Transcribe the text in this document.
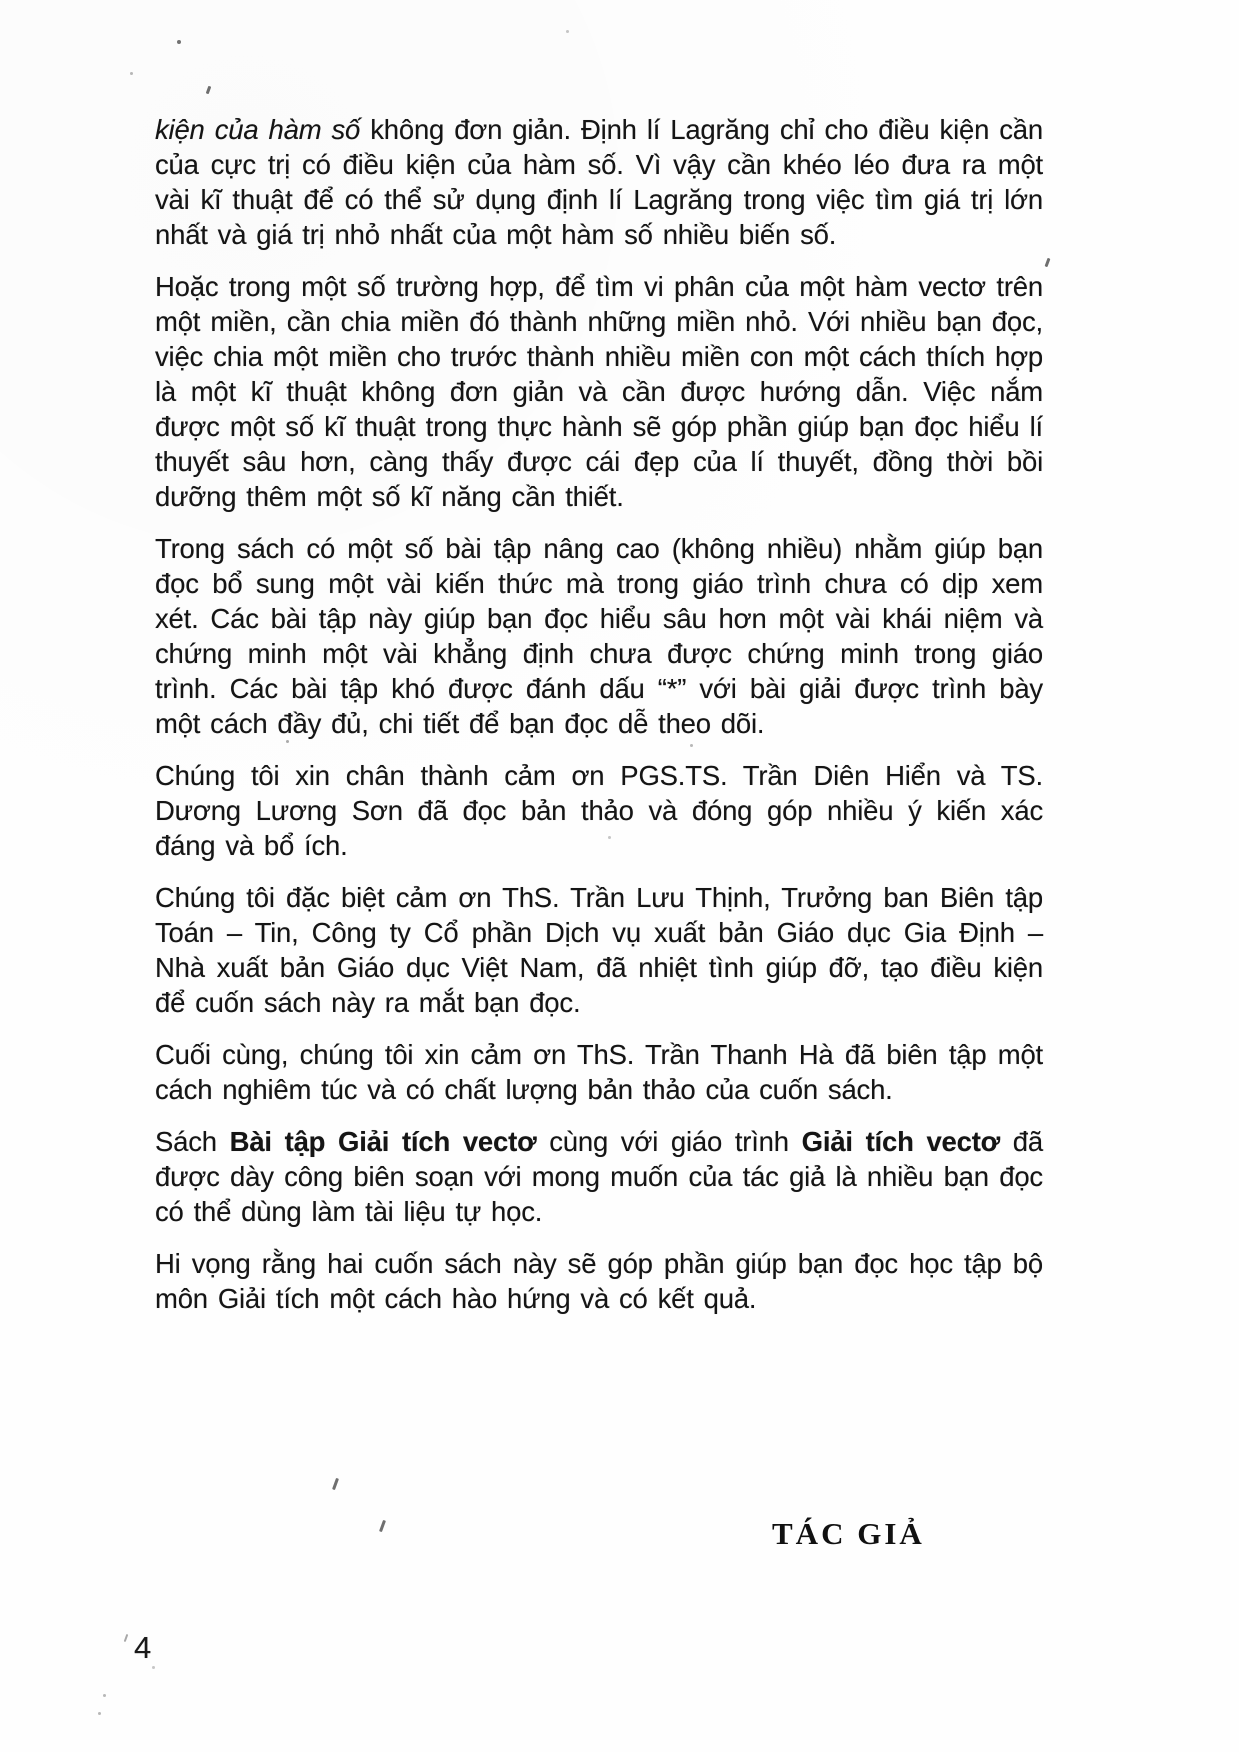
kiện của hàm số không đơn giản. Định lí Lagrăng chỉ cho điều kiện cần của cực trị có điều kiện của hàm số. Vì vậy cần khéo léo đưa ra một vài kĩ thuật để có thể sử dụng định lí Lagrăng trong việc tìm giá trị lớn nhất và giá trị nhỏ nhất của một hàm số nhiều biến số.

Hoặc trong một số trường hợp, để tìm vi phân của một hàm vectơ trên một miền, cần chia miền đó thành những miền nhỏ. Với nhiều bạn đọc, việc chia một miền cho trước thành nhiều miền con một cách thích hợp là một kĩ thuật không đơn giản và cần được hướng dẫn. Việc nắm được một số kĩ thuật trong thực hành sẽ góp phần giúp bạn đọc hiểu lí thuyết sâu hơn, càng thấy được cái đẹp của lí thuyết, đồng thời bồi dưỡng thêm một số kĩ năng cần thiết.

Trong sách có một số bài tập nâng cao (không nhiều) nhằm giúp bạn đọc bổ sung một vài kiến thức mà trong giáo trình chưa có dịp xem xét. Các bài tập này giúp bạn đọc hiểu sâu hơn một vài khái niệm và chứng minh một vài khẳng định chưa được chứng minh trong giáo trình. Các bài tập khó được đánh dấu “*” với bài giải được trình bày một cách đầy đủ, chi tiết để bạn đọc dễ theo dõi.

Chúng tôi xin chân thành cảm ơn PGS.TS. Trần Diên Hiển và TS. Dương Lương Sơn đã đọc bản thảo và đóng góp nhiều ý kiến xác đáng và bổ ích.

Chúng tôi đặc biệt cảm ơn ThS. Trần Lưu Thịnh, Trưởng ban Biên tập Toán – Tin, Công ty Cổ phần Dịch vụ xuất bản Giáo dục Gia Định – Nhà xuất bản Giáo dục Việt Nam, đã nhiệt tình giúp đỡ, tạo điều kiện để cuốn sách này ra mắt bạn đọc.

Cuối cùng, chúng tôi xin cảm ơn ThS. Trần Thanh Hà đã biên tập một cách nghiêm túc và có chất lượng bản thảo của cuốn sách.

Sách Bài tập Giải tích vectơ cùng với giáo trình Giải tích vectơ đã được dày công biên soạn với mong muốn của tác giả là nhiều bạn đọc có thể dùng làm tài liệu tự học.

Hi vọng rằng hai cuốn sách này sẽ góp phần giúp bạn đọc học tập bộ môn Giải tích một cách hào hứng và có kết quả.

TÁC GIẢ
4
